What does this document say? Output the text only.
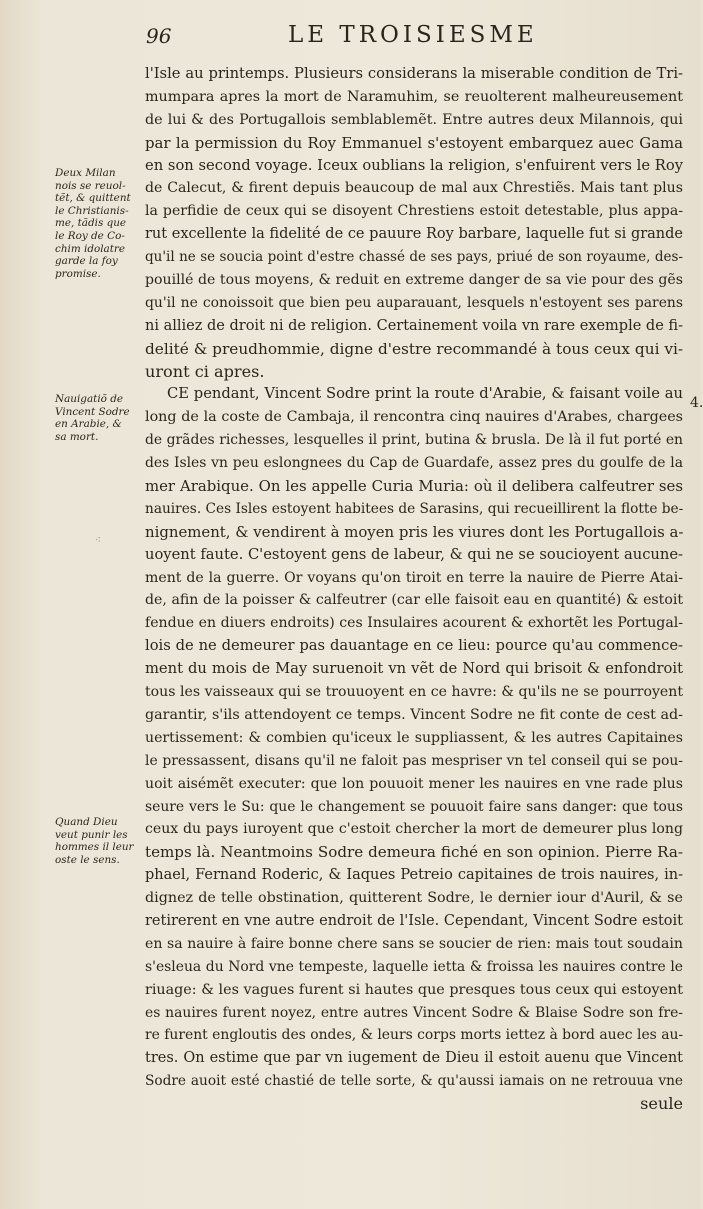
96	LE TROISIESME
Deux Milan
nois se reuol-
tẽt, & quittent
le Christianis-
me, tãdis que
le Roy de Co-
chim idolatre
garde la foy
promise.
Nauigatiõ de
Vincent Sodre
en Arabie, &
sa mort.
Quand Dieu
veut punir les
hommes il leur
oste le sens.
4.
l'Isle au printemps. Plusieurs considerans la miserable condition de Tri-
mumpara apres la mort de Naramuhim, se reuolterent malheureusement
de lui & des Portugallois semblablemẽt. Entre autres deux Milannois, qui
par la permission du Roy Emmanuel s'estoyent embarquez auec Gama
en son second voyage. Iceux oublians la religion, s'enfuirent vers le Roy
de Calecut, & firent depuis beaucoup de mal aux Chrestiẽs. Mais tant plus
la perfidie de ceux qui se disoyent Chrestiens estoit detestable, plus appa-
rut excellente la fidelité de ce pauure Roy barbare, laquelle fut si grande
qu'il ne se soucia point d'estre chassé de ses pays, priué de son royaume, des-
pouillé de tous moyens, & reduit en extreme danger de sa vie pour des gẽs
qu'il ne conoissoit que bien peu auparauant, lesquels n'estoyent ses parens
ni alliez de droit ni de religion. Certainement voila vn rare exemple de fi-
delité & preudhommie, digne d'estre recommandé à tous ceux qui vi-
uront ci apres.
CE pendant, Vincent Sodre print la route d'Arabie, & faisant voile au
long de la coste de Cambaja, il rencontra cinq nauires d'Arabes, chargees
de grãdes richesses, lesquelles il print, butina & brusla. De là il fut porté en
des Isles vn peu eslongnees du Cap de Guardafe, assez pres du goulfe de la
mer Arabique. On les appelle Curia Muria: où il delibera calfeutrer ses
nauires. Ces Isles estoyent habitees de Sarasins, qui recueillirent la flotte be-
nignement, & vendirent à moyen pris les viures dont les Portugallois a-
uoyent faute. C'estoyent gens de labeur, & qui ne se soucioyent aucune-
ment de la guerre. Or voyans qu'on tiroit en terre la nauire de Pierre Atai-
de, afin de la poisser & calfeutrer (car elle faisoit eau en quantité) & estoit
fendue en diuers endroits) ces Insulaires acourent & exhortẽt les Portugal-
lois de ne demeurer pas dauantage en ce lieu: pource qu'au commence-
ment du mois de May suruenoit vn vẽt de Nord qui brisoit & enfondroit
tous les vaisseaux qui se trouuoyent en ce havre: & qu'ils ne se pourroyent
garantir, s'ils attendoyent ce temps. Vincent Sodre ne fit conte de cest ad-
uertissement: & combien qu'iceux le suppliassent, & les autres Capitaines
le pressassent, disans qu'il ne faloit pas mespriser vn tel conseil qui se pou-
uoit aisémẽt executer: que lon pouuoit mener les nauires en vne rade plus
seure vers le Su: que le changement se pouuoit faire sans danger: que tous
ceux du pays iuroyent que c'estoit chercher la mort de demeurer plus long
temps là. Neantmoins Sodre demeura fiché en son opinion. Pierre Ra-
phael, Fernand Roderic, & Iaques Petreio capitaines de trois nauires, in-
dignez de telle obstination, quitterent Sodre, le dernier iour d'Auril, & se
retirerent en vne autre endroit de l'Isle. Cependant, Vincent Sodre estoit
en sa nauire à faire bonne chere sans se soucier de rien: mais tout soudain
s'esleua du Nord vne tempeste, laquelle ietta & froissa les nauires contre le
riuage: & les vagues furent si hautes que presques tous ceux qui estoyent
es nauires furent noyez, entre autres Vincent Sodre & Blaise Sodre son fre-
re furent engloutis des ondes, & leurs corps morts iettez à bord auec les au-
tres. On estime que par vn iugement de Dieu il estoit auenu que Vincent
Sodre auoit esté chastié de telle sorte, & qu'aussi iamais on ne retrouua vne
seule
⁖
